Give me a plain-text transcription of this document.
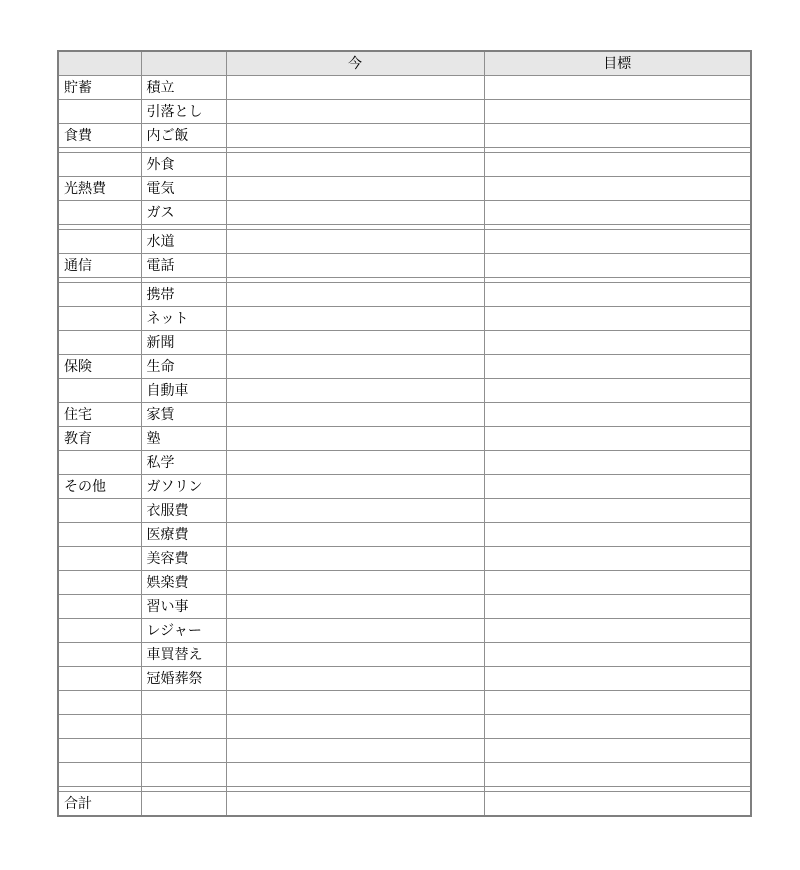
		今	目標
貯蓄	積立		
	引落とし		
食費	内ご飯		

	外食		
光熱費	電気		
	ガス		

	水道		
通信	電話		

	携帯		
	ネット		
	新聞		
保険	生命		
	自動車		
住宅	家賃		
教育	塾		
	私学		
その他	ガソリン		
	衣服費		
	医療費		
	美容費		
	娯楽費		
	習い事		
	レジャー		
	車買替え		
	冠婚葬祭		

合計			
